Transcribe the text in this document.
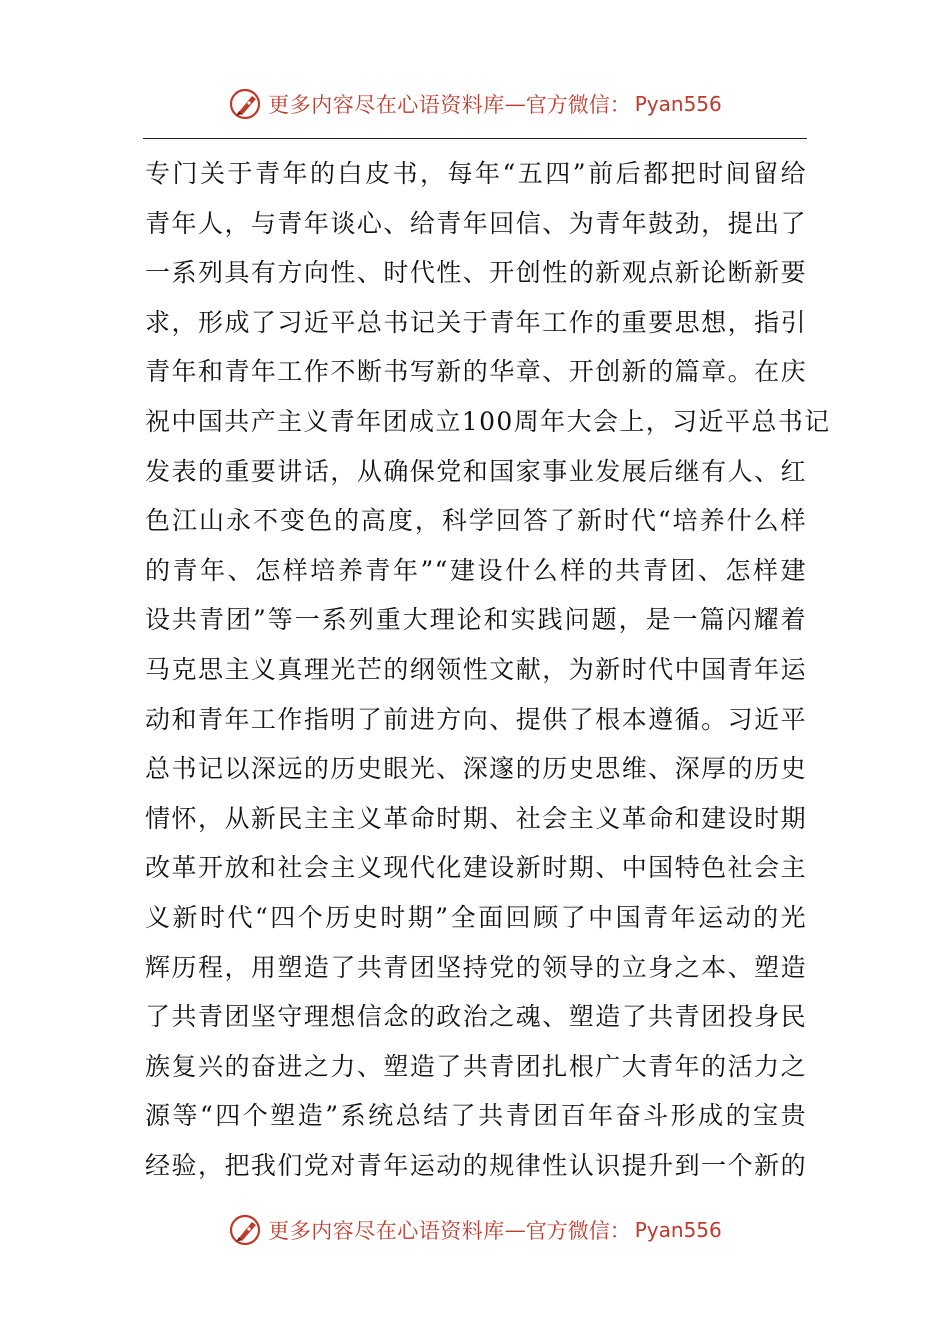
更多内容尽在心语资料库 — 官方微信： Pyan556
专门关于青年的白皮书，每年“五四”前后都把时间留给
青年人，与青年谈心、给青年回信、为青年鼓劲，提出了
一系列具有方向性、时代性、开创性的新观点新论断新要
求，形成了习近平总书记关于青年工作的重要思想，指引
青年和青年工作不断书写新的华章、开创新的篇章。在庆
祝中国共产主义青年团成立100周年大会上，习近平总书记
发表的重要讲话，从确保党和国家事业发展后继有人、红
色江山永不变色的高度，科学回答了新时代“培养什么样
的青年、怎样培养青年”“建设什么样的共青团、怎样建
设共青团”等一系列重大理论和实践问题，是一篇闪耀着
马克思主义真理光芒的纲领性文献，为新时代中国青年运
动和青年工作指明了前进方向、提供了根本遵循。习近平
总书记以深远的历史眼光、深邃的历史思维、深厚的历史
情怀，从新民主主义革命时期、社会主义革命和建设时期
改革开放和社会主义现代化建设新时期、中国特色社会主
义新时代“四个历史时期”全面回顾了中国青年运动的光
辉历程，用塑造了共青团坚持党的领导的立身之本、塑造
了共青团坚守理想信念的政治之魂、塑造了共青团投身民
族复兴的奋进之力、塑造了共青团扎根广大青年的活力之
源等“四个塑造”系统总结了共青团百年奋斗形成的宝贵
经验，把我们党对青年运动的规律性认识提升到一个新的
更多内容尽在心语资料库 — 官方微信： Pyan556
